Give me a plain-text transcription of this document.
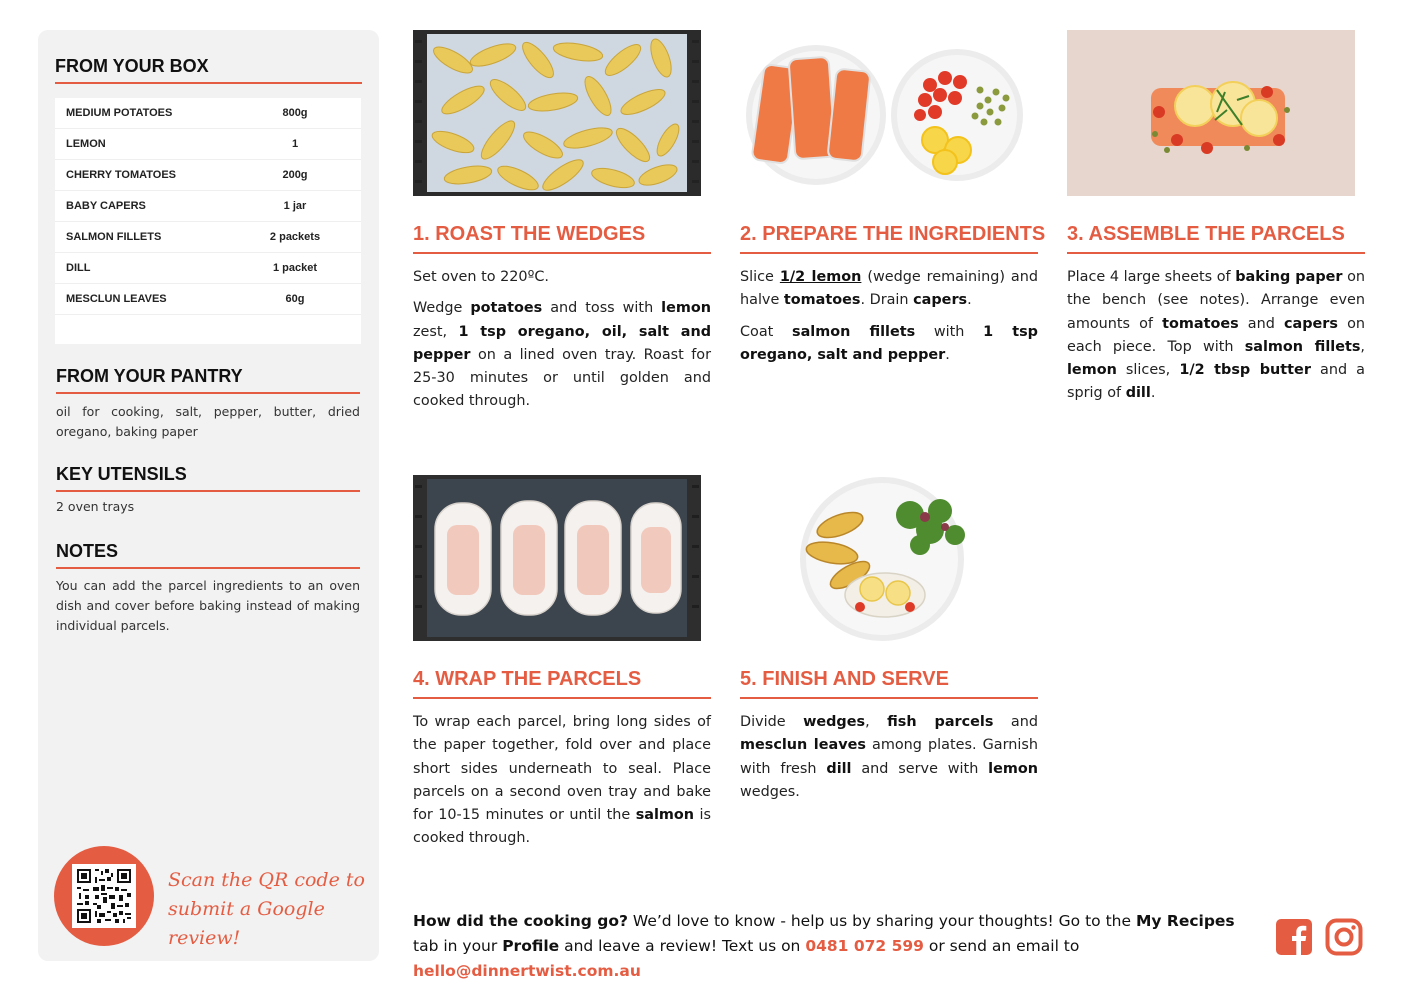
FROM YOUR BOX
MEDIUM POTATOES	800g
LEMON	1
CHERRY TOMATOES	200g
BABY CAPERS	1 jar
SALMON FILLETS	2 packets
DILL	1 packet
MESCLUN LEAVES	60g
FROM YOUR PANTRY
oil for cooking, salt, pepper, butter, dried oregano, baking paper
KEY UTENSILS
2 oven trays
NOTES
You can add the parcel ingredients to an oven dish and cover before baking instead of making individual parcels.
Scan the QR code to
submit a Google review!
1. ROAST THE WEDGES

Set oven to 220ºC.

Wedge potatoes and toss with lemon zest, 1 tsp oregano, oil, salt and pepper on a lined oven tray. Roast for 25-30 minutes or until golden and cooked through.

2. PREPARE THE INGREDIENTS

Slice 1/2 lemon (wedge remaining) and halve tomatoes. Drain capers.

Coat salmon fillets with 1 tsp oregano, salt and pepper.

3. ASSEMBLE THE PARCELS

Place 4 large sheets of baking paper on the bench (see notes). Arrange even amounts of tomatoes and capers on each piece. Top with salmon fillets, lemon slices, 1/2 tbsp butter and a sprig of dill.

4. WRAP THE PARCELS

To wrap each parcel, bring long sides of the paper together, fold over and place short sides underneath to seal. Place parcels on a second oven tray and bake for 10-15 minutes or until the salmon is cooked through.

5. FINISH AND SERVE

Divide wedges, fish parcels and mesclun leaves among plates. Garnish with fresh dill and serve with lemon wedges.

How did the cooking go? We’d love to know - help us by sharing your thoughts! Go to the My Recipes tab in your Profile and leave a review! Text us on 0481 072 599 or send an email to hello@dinnertwist.com.au
